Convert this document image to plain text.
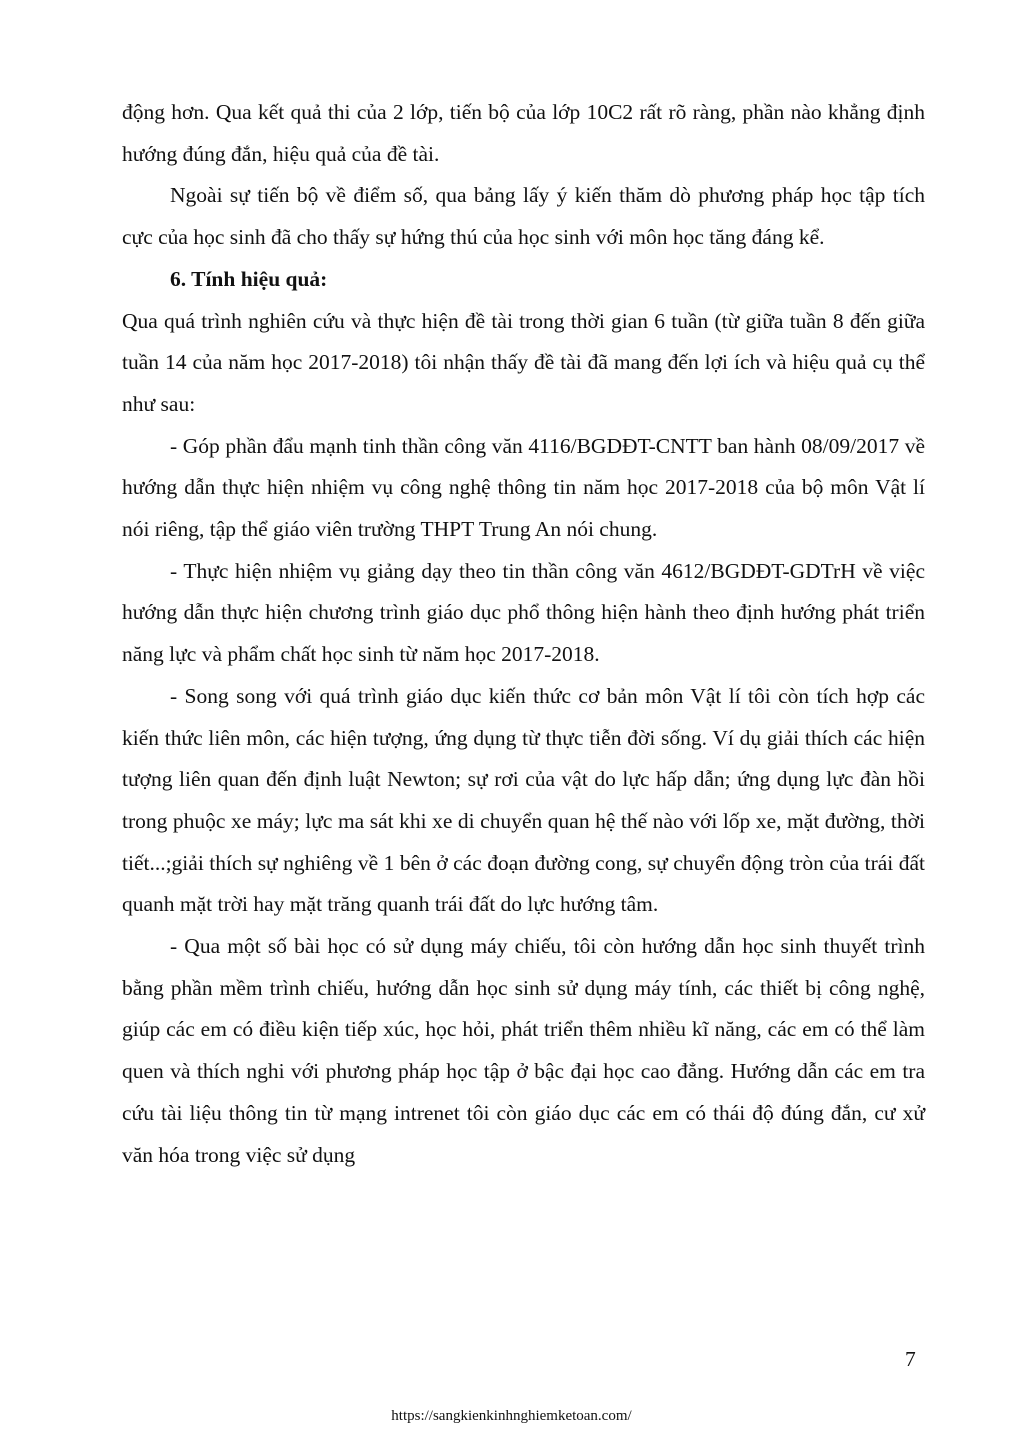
động hơn. Qua kết quả thi của 2 lớp, tiến bộ của lớp 10C2 rất rõ ràng, phần nào khẳng định hướng đúng đắn, hiệu quả của đề tài.

Ngoài sự tiến bộ về điểm số, qua bảng lấy ý kiến thăm dò phương pháp học tập tích cực của học sinh đã cho thấy sự hứng thú của học sinh với môn học tăng đáng kể.

6. Tính hiệu quả:

Qua quá trình nghiên cứu và thực hiện đề tài trong thời gian 6 tuần (từ giữa tuần 8 đến giữa tuần 14 của năm học 2017-2018) tôi nhận thấy đề tài đã mang đến lợi ích và hiệu quả cụ thể như sau:

- Góp phần đẩu mạnh tinh thần công văn 4116/BGDĐT-CNTT ban hành 08/09/2017 về hướng dẫn thực hiện nhiệm vụ công nghệ thông tin năm học 2017-2018 của bộ môn Vật lí nói riêng, tập thể giáo viên trường THPT Trung An nói chung.

- Thực hiện nhiệm vụ giảng dạy theo tin thần công văn 4612/BGDĐT-GDTrH về việc hướng dẫn thực hiện chương trình giáo dục phổ thông hiện hành theo định hướng phát triển năng lực và phẩm chất học sinh từ năm học 2017-2018.

- Song song với quá trình giáo dục kiến thức cơ bản môn Vật lí tôi còn tích hợp các kiến thức liên môn, các hiện tượng, ứng dụng từ thực tiễn đời sống. Ví dụ giải thích các hiện tượng liên quan đến định luật Newton; sự rơi của vật do lực hấp dẫn; ứng dụng lực đàn hồi trong phuộc xe máy; lực ma sát khi xe di chuyển quan hệ thế nào với lốp xe, mặt đường, thời tiết...;giải thích sự nghiêng về 1 bên ở các đoạn đường cong, sự chuyển động tròn của trái đất quanh mặt trời hay mặt trăng quanh trái đất do lực hướng tâm.

- Qua một số bài học có sử dụng máy chiếu, tôi còn hướng dẫn học sinh thuyết trình bằng phần mềm trình chiếu, hướng dẫn học sinh sử dụng máy tính, các thiết bị công nghệ, giúp các em có điều kiện tiếp xúc, học hỏi, phát triển thêm nhiều kĩ năng, các em có thể làm quen và thích nghi với phương pháp học tập ở bậc đại học cao đẳng. Hướng dẫn các em tra cứu tài liệu thông tin từ mạng intrenet tôi còn giáo dục các em có thái độ đúng đắn, cư xử văn hóa trong việc sử dụng

7
https://sangkienkinhnghiemketoan.com/
